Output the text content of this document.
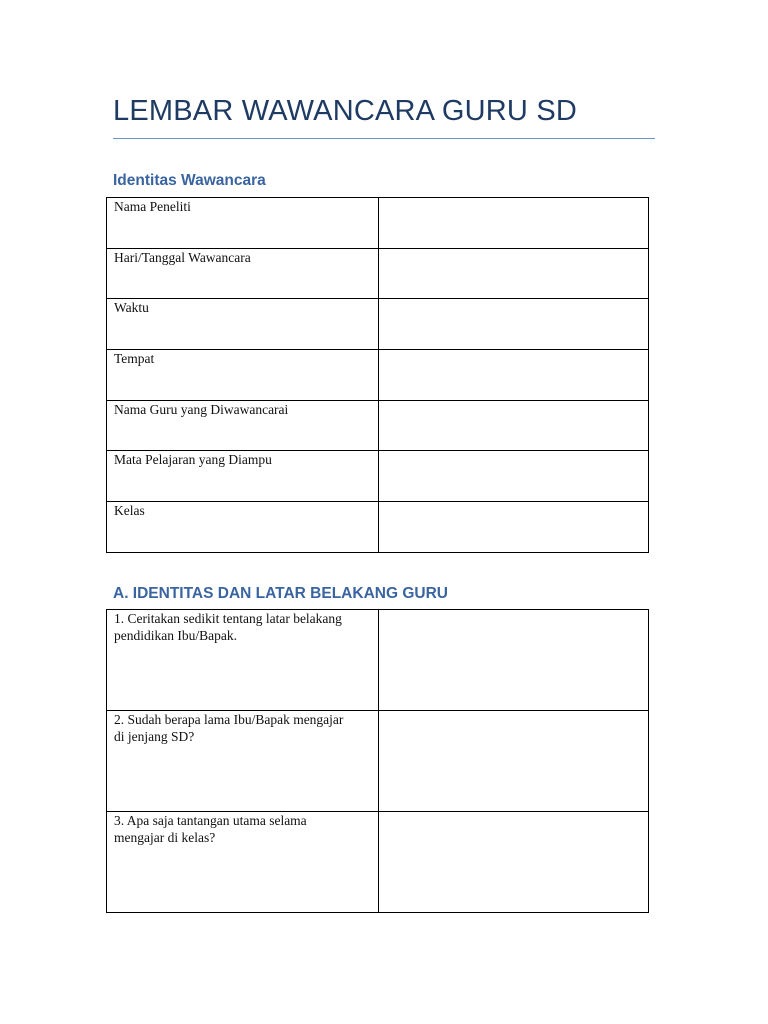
LEMBAR WAWANCARA GURU SD
Identitas Wawancara
Nama Peneliti	

Hari/Tanggal Wawancara	

Waktu	

Tempat	

Nama Guru yang Diwawancarai	

Mata Pelajaran yang Diampu	

Kelas	

A. IDENTITAS DAN LATAR BELAKANG GURU
1. Ceritakan sedikit tentang latar belakang
pendidikan Ibu/Bapak.	

2. Sudah berapa lama Ibu/Bapak mengajar
di jenjang SD?	

3. Apa saja tantangan utama selama
mengajar di kelas?	
